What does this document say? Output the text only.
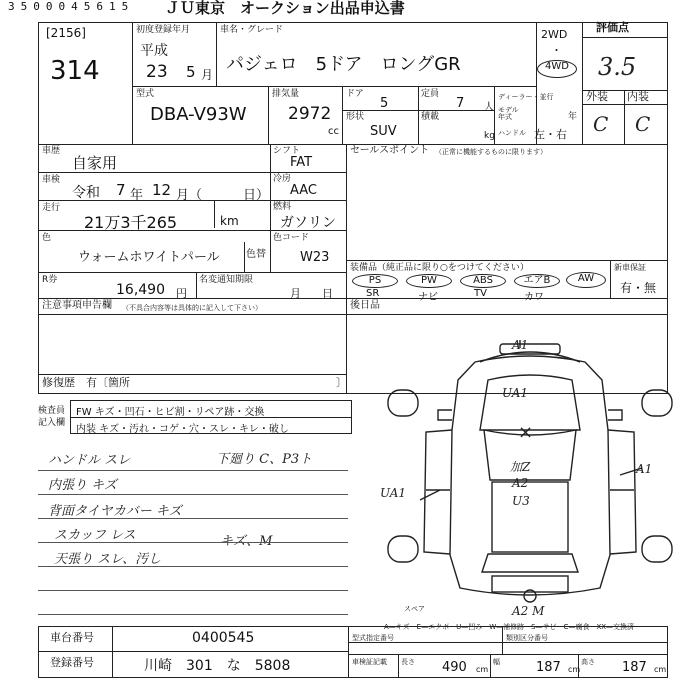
3500045615 ＪＵ東京　オークション出品申込書
[2156]
314
初度登録年月
平成
23 5 月
車名・グレード
パジェロ　5ドア　ロングGR
2WD
・
4WD
評価点
3.5
外装 内装
C C
型式
DBA-V93W
排気量
2972
cc
ドア
5
定員
7 人
ディーラー・並行
モデル年式	年
ハンドル 左・右
形状
SUV
積載
kg
車歴
自家用
シフト
FAT
セールスポイント （正常に機能するものに限ります）
車検
令和 7 年 12 月（	日）
冷房
AAC
走行
21万3千265	km
燃料
ガソリン
色
ウォームホワイトパール	色替
色コード
W23
R券
16,490 円
名変通知期限
月 日
装備品（純正品に限り○をつけてください）	新車保証
有・無
PS	PW	ABS	エアB	AW
SR	ナビ	TV	カワ
後日品
注意事項申告欄 （不具合内容等は具体的に記入して下さい）
修復歴 有〔箇所	〕
検査員
記入欄
FW キズ・凹石・ヒビ割・リペア跡・交換
内装 キズ・汚れ・コゲ・穴・スレ・キレ・破し
ハンドル スレ
内張り キズ
背面タイヤカバー キズ
スカッフ レス
天張り スレ、汚し
下廻り C、P3ト
キズ、M
A1
UA1
×
A1
UA1
加Z
A2
U3
A2 M
スペア
A—キズ　E—エクボ　U—凹み　W—補修跡　S—サビ　C—腐食　XX—交換済
車台番号	0400545
登録番号	川崎　301　な　5808
型式指定番号	類別区分番号
車検証記載 長さ 490 cm
幅	187 cm
高さ 187 cm
